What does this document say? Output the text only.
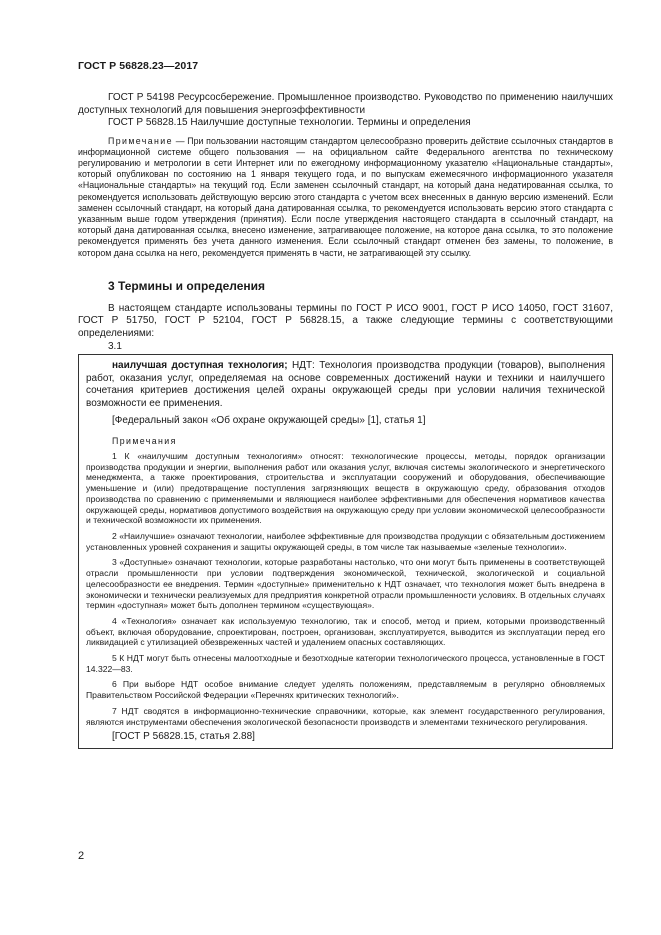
ГОСТ Р 56828.23—2017

ГОСТ Р 54198 Ресурсосбережение. Промышленное производство. Руководство по применению наилучших доступных технологий для повышения энергоэффективности

ГОСТ Р 56828.15 Наилучшие доступные технологии. Термины и определения

Примечание — При пользовании настоящим стандартом целесообразно проверить действие ссылочных стандартов в информационной системе общего пользования — на официальном сайте Федерального агентства по техническому регулированию и метрологии в сети Интернет или по ежегодному информационному указателю «Национальные стандарты», который опубликован по состоянию на 1 января текущего года, и по выпускам ежемесячного информационного указателя «Национальные стандарты» на текущий год. Если заменен ссылочный стандарт, на который дана недатированная ссылка, то рекомендуется использовать действующую версию этого стандарта с учетом всех внесенных в данную версию изменений. Если заменен ссылочный стандарт, на который дана датированная ссылка, то рекомендуется использовать версию этого стандарта с указанным выше годом утверждения (принятия). Если после утверждения настоящего стандарта в ссылочный стандарт, на который дана датированная ссылка, внесено изменение, затрагивающее положение, на которое дана ссылка, то это положение рекомендуется применять без учета данного изменения. Если ссылочный стандарт отменен без замены, то положение, в котором дана ссылка на него, рекомендуется применять в части, не затрагивающей эту ссылку.

3 Термины и определения

В настоящем стандарте использованы термины по ГОСТ Р ИСО 9001, ГОСТ Р ИСО 14050, ГОСТ 31607, ГОСТ Р 51750, ГОСТ Р 52104, ГОСТ Р 56828.15, а также следующие термины с соответствующими определениями:

3.1

наилучшая доступная технология; НДТ: Технология производства продукции (товаров), выполнения работ, оказания услуг, определяемая на основе современных достижений науки и техники и наилучшего сочетания критериев достижения целей охраны окружающей среды при условии наличия технической возможности ее применения.

[Федеральный закон «Об охране окружающей среды» [1], статья 1]

Примечания

1 К «наилучшим доступным технологиям» относят: технологические процессы, методы, порядок организации производства продукции и энергии, выполнения работ или оказания услуг, включая системы экологического и энергетического менеджмента, а также проектирования, строительства и эксплуатации сооружений и оборудования, обеспечивающие уменьшение и (или) предотвращение поступления загрязняющих веществ в окружающую среду, образования отходов производства по сравнению с применяемыми и являющиеся наиболее эффективными для обеспечения нормативов качества окружающей среды, нормативов допустимого воздействия на окружающую среду при условии экономической целесообразности и технической возможности их применения.

2 «Наилучшие» означают технологии, наиболее эффективные для производства продукции с обязательным достижением установленных уровней сохранения и защиты окружающей среды, в том числе так называемые «зеленые технологии».

3 «Доступные» означают технологии, которые разработаны настолько, что они могут быть применены в соответствующей отрасли промышленности при условии подтверждения экономической, технической, экологической и социальной целесообразности ее внедрения. Термин «доступные» применительно к НДТ означает, что технология может быть внедрена в экономически и технически реализуемых для предприятия конкретной отрасли промышленности условиях. В отдельных случаях термин «доступная» может быть дополнен термином «существующая».

4 «Технология» означает как используемую технологию, так и способ, метод и прием, которыми производственный объект, включая оборудование, спроектирован, построен, организован, эксплуатируется, выводится из эксплуатации перед его ликвидацией с утилизацией обезвреженных частей и удалением опасных составляющих.

5 К НДТ могут быть отнесены малоотходные и безотходные категории технологического процесса, установленные в ГОСТ 14.322—83.

6 При выборе НДТ особое внимание следует уделять положениям, представляемым в регулярно обновляемых Правительством Российской Федерации «Перечнях критических технологий».

7 НДТ сводятся в информационно-технические справочники, которые, как элемент государственного регулирования, являются инструментами обеспечения экологической безопасности производств и элементами технического регулирования.

[ГОСТ Р 56828.15, статья 2.88]

2
